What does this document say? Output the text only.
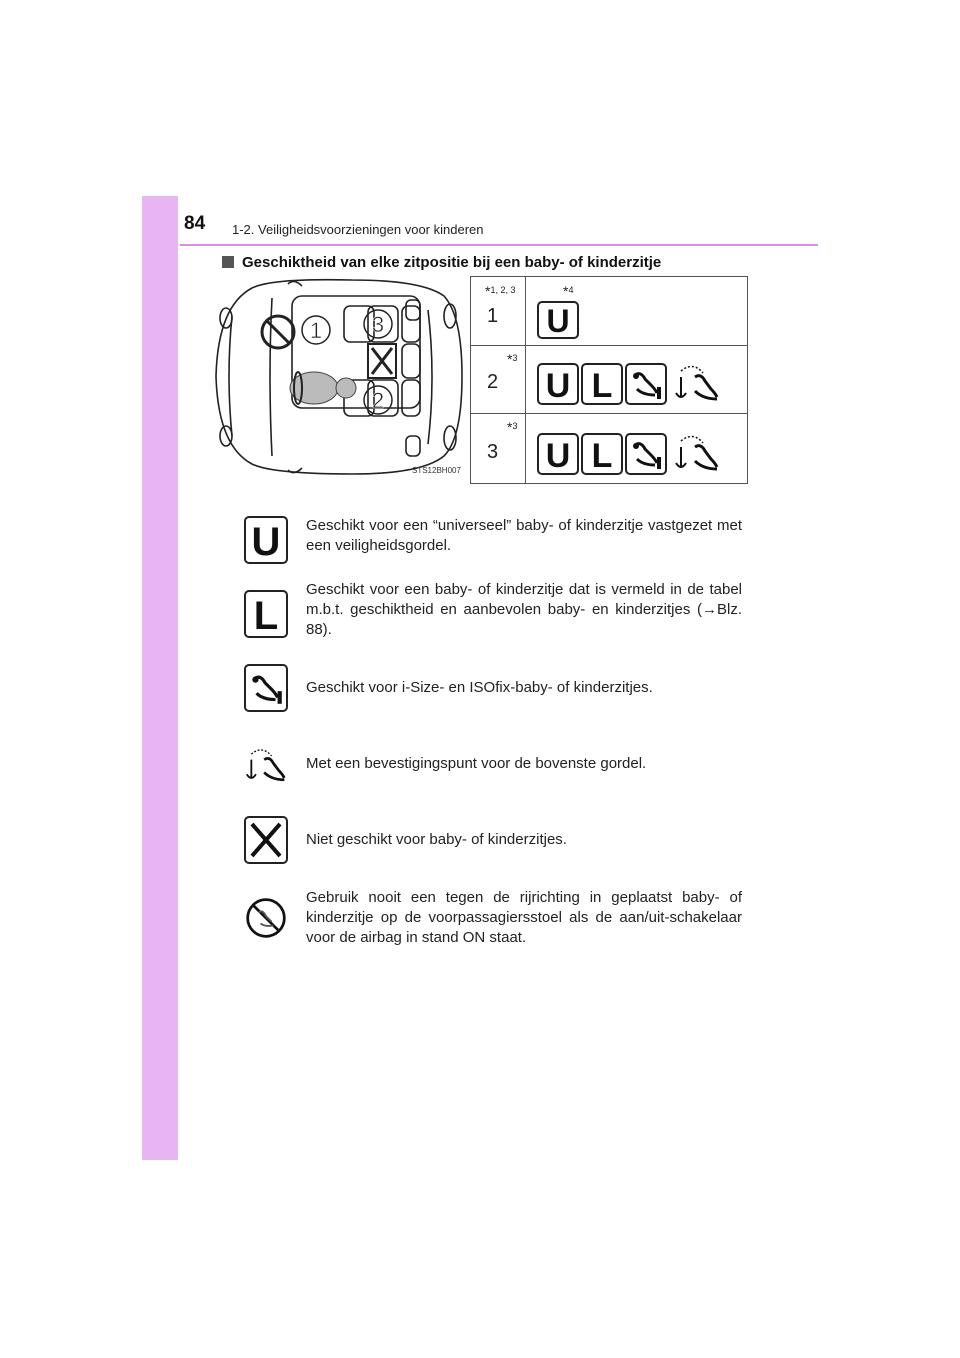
84 1-2. Veiligheidsvoorzieningen voor kinderen
Geschiktheid van elke zitpositie bij een baby- of kinderzitje
1 3
2
STS12BH007
*1, 2, 3
1
*4
U
*3
2 U L
*3
3 U L
U	Geschikt voor een “universeel” baby- of kinderzitje vastgezet met een veiligheidsgordel.
L
Geschikt voor een baby- of kinderzitje dat is vermeld in de tabel m.b.t. geschiktheid en aanbevolen baby- en kinderzitjes (→Blz. 88).
Geschikt voor i-Size- en ISOfix-baby- of kinderzitjes.
Met een bevestigingspunt voor de bovenste gordel.
Niet geschikt voor baby- of kinderzitjes.
Gebruik nooit een tegen de rijrichting in geplaatst baby- of kinderzitje op de voorpassagiersstoel als de aan/uit-schakelaar voor de airbag in stand ON staat.
